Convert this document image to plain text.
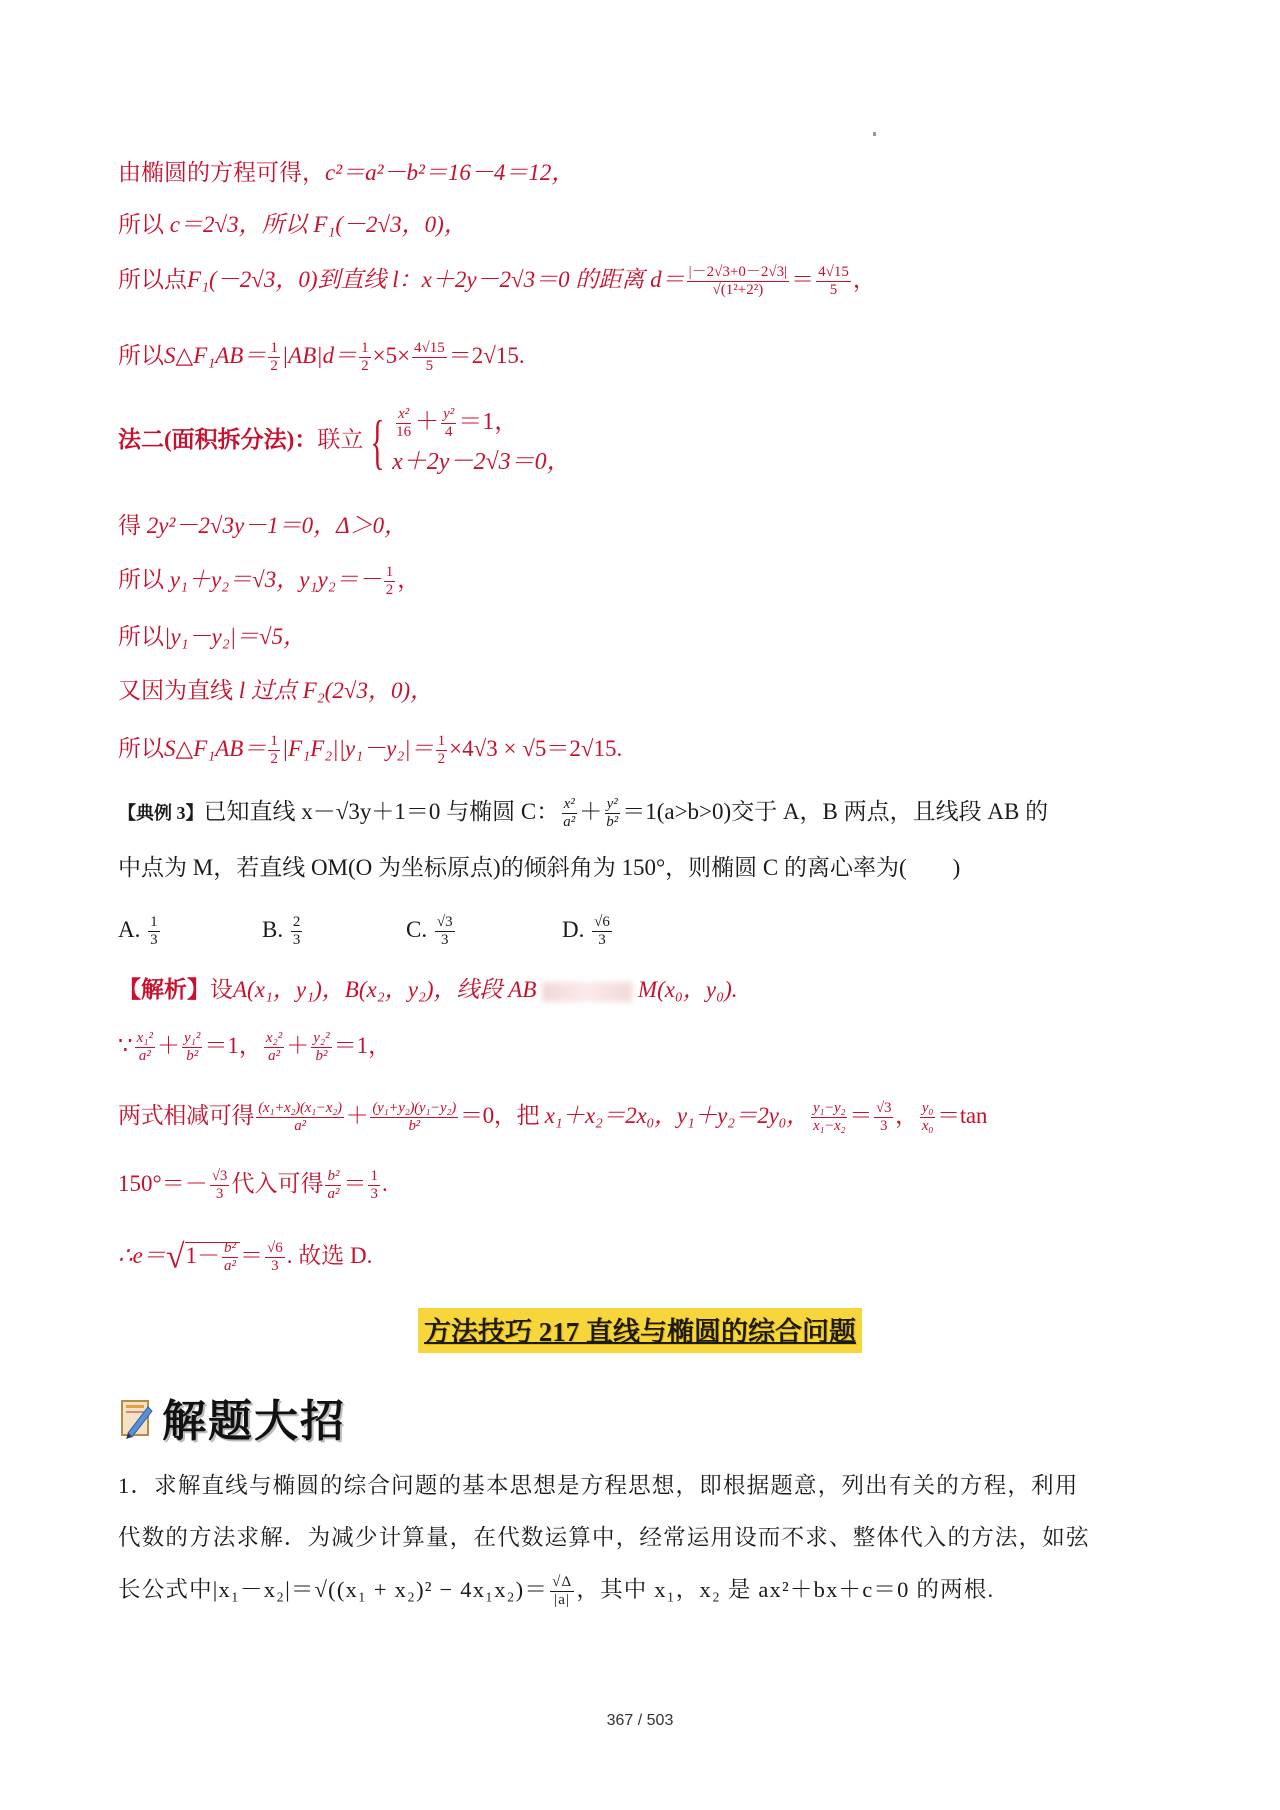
由椭圆的方程可得，c²＝a²－b²＝16－4＝12，
所以 c＝2√3，所以 F₁(－2√3，0)，
所以点F₁(－2√3，0)到直线 l：x＋2y－2√3＝0 的距离 $d= \frac{|-2√3+0-2√3|}{\text{√(1²+2²)}} = \frac{4√15}{5}$ ，
所以S△F₁AB＝ $\frac{1}{2} |AB|d= \frac{1}{2} \times 5\times \frac{4√15}{5} =2√15$.
法二(面积拆分法)：联立 { $\frac{\text{x²}}{16} + \frac{\text{y²}}{4} =1$，
x＋2y－2√3＝0，
得 2y²－2√3y－1＝0，Δ＞0，
所以 y₁＋y₂＝√3，$y_1y_2=- \frac{1}{2}$ ，
所以|y₁－y₂|＝√5，
又因为直线 l 过点 F₂(2√3，0)，
所以S△F₁AB＝ $\frac{1}{2} |F_1F_2||y_1-y_2|= \frac{1}{2} \times 4√3 \times √5=2√15$.
【典例 3】已知直线 x－√3y＋1＝0 与椭圆 C： $\frac{\text{x²}}{\text{a²}} + \frac{\text{y²}}{\text{b²}} =1(a>b>0)$交于 A，B 两点，且线段 AB 的
中点为 M，若直线 OM(O 为坐标原点)的倾斜角为 150°，则椭圆 C 的离心率为(　　)
A. $\frac{1}{3}$	B. $\frac{2}{3}$	C. $\frac{√3}{3}$	D. $\frac{√6}{3}$
【解析】设A(x₁，y₁)，B(x₂，y₂)，线段 AB	M(x₀，y₀).
∵ $\frac{\text{x₁²}}{\text{a²}} + \frac{\text{y₁²}}{\text{b²}} =1$， $\frac{\text{x₂²}}{\text{a²}} + \frac{\text{y₂²}}{\text{b²}} =1$，
两式相减可得 $\frac{\text{(x₁+x₂)(x₁−x₂)}}{\text{a²}} + \frac{\text{(y₁+y₂)(y₁−y₂)}}{\text{b²}} =0$，把 x₁＋x₂＝2x₀，y₁＋y₂＝2y₀， $\frac{\text{y₁−y₂}}{\text{x₁−x₂}} = \frac{√3}{3}$ ， $\frac{\text{y₀}}{\text{x₀}} =\tan$
$150^\circ=- \frac{√3}{3}$ 代入可得 $\frac{\text{b²}}{\text{a²}} = \frac{1}{3}$ .
∴e＝√1－ $\frac{\text{b²}}{\text{a²}} = \frac{√6}{3}$ . 故选 D.
方法技巧 217 直线与椭圆的综合问题
解题大招
1．求解直线与椭圆的综合问题的基本思想是方程思想，即根据题意，列出有关的方程，利用
代数的方法求解．为减少计算量，在代数运算中，经常运用设而不求、整体代入的方法，如弦
长公式中$|x_1-x_2|=√((x_1 + x_2)^2 - 4x_1x_2)= \frac{√\Delta}{|a|}$ ，其中 x₁，x₂ 是 ax²＋bx＋c＝0 的两根.
367 / 503
